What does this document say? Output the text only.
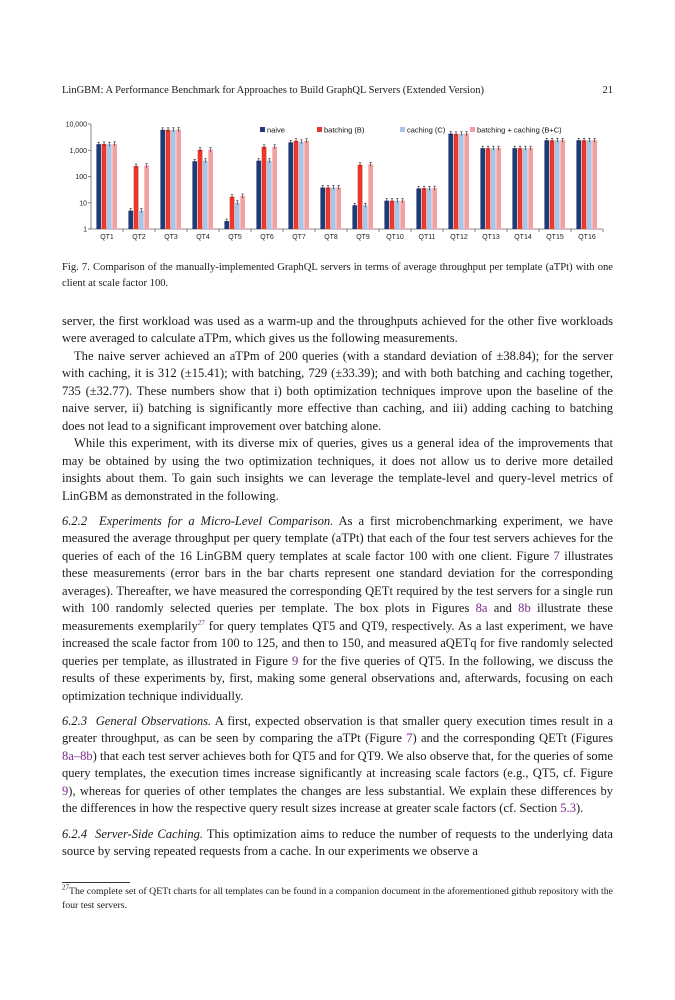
LinGBM: A Performance Benchmark for Approaches to Build GraphQL Servers (Extended Version)	21
1
10
100
1,000
10,000
QT1	QT2	QT3	QT4	QT5	QT6	QT7	QT8	QT9 QT10 QT11 QT12 QT13 QT14 QT15 QT16
naive	batching (B)	caching (C)	batching + caching (B+C)
Fig. 7. Comparison of the manually-implemented GraphQL servers in terms of average throughput per template (aTPt) with one client at scale factor 100.

server, the first workload was used as a warm-up and the throughputs achieved for the other five workloads were averaged to calculate aTPm, which gives us the following measurements.

The naive server achieved an aTPm of 200 queries (with a standard deviation of ±38.84); for the server with caching, it is 312 (±15.41); with batching, 729 (±33.39); and with both batching and caching together, 735 (±32.77). These numbers show that i) both optimization techniques improve upon the baseline of the naive server, ii) batching is significantly more effective than caching, and iii) adding caching to batching does not lead to a significant improvement over batching alone.

While this experiment, with its diverse mix of queries, gives us a general idea of the improvements that may be obtained by using the two optimization techniques, it does not allow us to derive more detailed insights about them. To gain such insights we can leverage the template-level and query-level metrics of LinGBM as demonstrated in the following.

6.2.2 Experiments for a Micro-Level Comparison. As a first microbenchmarking experiment, we have measured the average throughput per query template (aTPt) that each of the four test servers achieves for the queries of each of the 16 LinGBM query templates at scale factor 100 with one client. Figure 7 illustrates these measurements (error bars in the bar charts represent one standard deviation for the corresponding averages). Thereafter, we have measured the corresponding QETt required by the test servers for a single run with 100 randomly selected queries per template. The box plots in Figures 8a and 8b illustrate these measurements exemplarily$^{27}$ for query templates QT5 and QT9, respectively. As a last experiment, we have increased the scale factor from 100 to 125, and then to 150, and measured aQETq for five randomly selected queries per template, as illustrated in Figure 9 for the five queries of QT5. In the following, we discuss the results of these experiments by, first, making some general observations and, afterwards, focusing on each optimization technique individually.

6.2.3 General Observations. A first, expected observation is that smaller query execution times result in a greater throughput, as can be seen by comparing the aTPt (Figure 7) and the corresponding QETt (Figures 8a–8b) that each test server achieves both for QT5 and for QT9. We also observe that, for the queries of some query templates, the execution times increase significantly at increasing scale factors (e.g., QT5, cf. Figure 9), whereas for queries of other templates the changes are less substantial. We explain these differences by the differences in how the respective query result sizes increase at greater scale factors (cf. Section 5.3).

6.2.4 Server-Side Caching. This optimization aims to reduce the number of requests to the underlying data source by serving repeated requests from a cache. In our experiments we observe a

$^{27}$The complete set of QETt charts for all templates can be found in a companion document in the aforementioned github repository with the four test servers.
